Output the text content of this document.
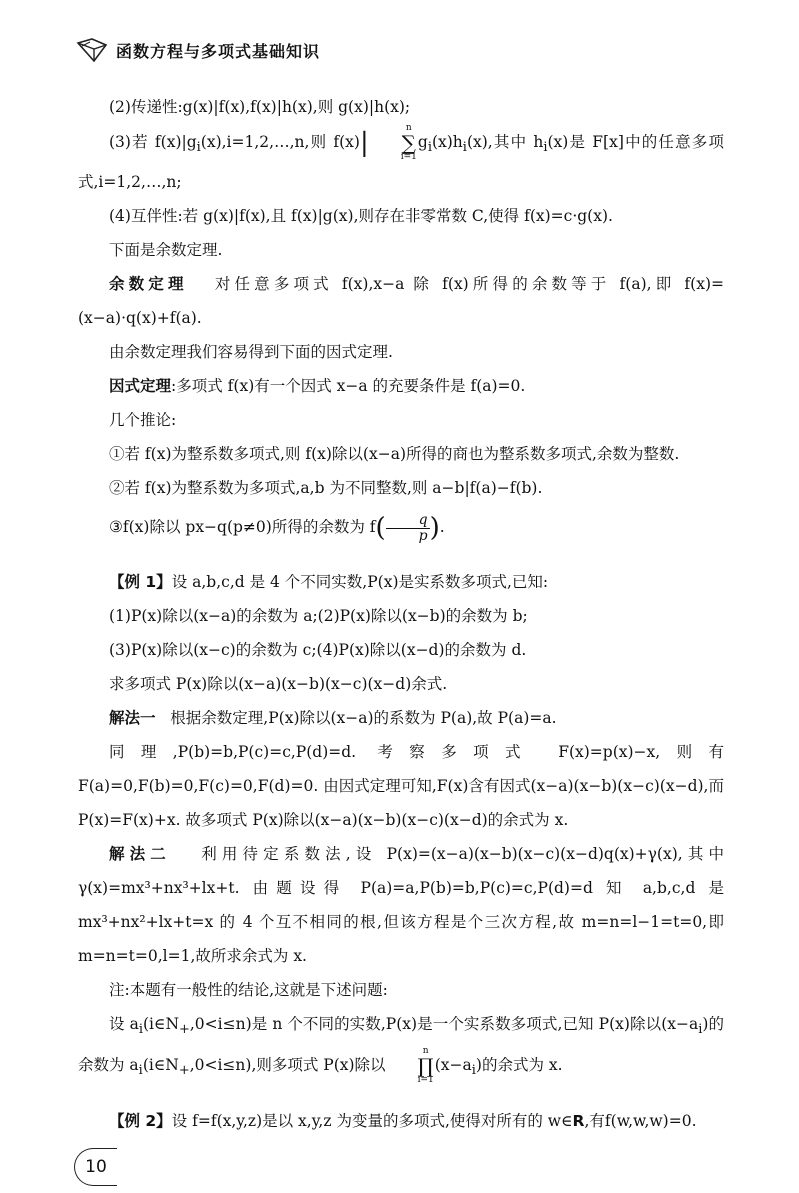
函数方程与多项式基础知识

(2)传递性:g(x)|f(x),f(x)|h(x),则 g(x)|h(x);

(3)若 $f(x)|g_i(x),i=1,2,\dots,n$,则 f(x)|	n
∑
i=1
$g_i(x)h_i(x)$,其中 $h_i(x)$是 F[x]中的任意多项式,i=1,2,…,n;

(4)互伴性:若 g(x)|f(x),且 f(x)|g(x),则存在非零常数 C,使得 f(x)=c·g(x).

下面是余数定理.

余数定理 对任意多项式 f(x),x−a 除 f(x)所得的余数等于 f(a),即 f(x)=(x−a)·q(x)+f(a).

由余数定理我们容易得到下面的因式定理.

因式定理:多项式 f(x)有一个因式 x−a 的充要条件是 f(a)=0.

几个推论:

①若 f(x)为整系数多项式,则 f(x)除以(x−a)所得的商也为整系数多项式,余数为整数.

②若 f(x)为整系数为多项式,a,b 为不同整数,则 a−b|f(a)−f(b).

③f(x)除以 px−q(p≠0)所得的余数为 $f( \frac{q}{p}$ ).

【例 1】设 a,b,c,d 是 4 个不同实数,P(x)是实系数多项式,已知:

(1)P(x)除以(x−a)的余数为 a;(2)P(x)除以(x−b)的余数为 b;

(3)P(x)除以(x−c)的余数为 c;(4)P(x)除以(x−d)的余数为 d.

求多项式 P(x)除以(x−a)(x−b)(x−c)(x−d)余式.

解法一 根据余数定理,P(x)除以(x−a)的系数为 P(a),故 P(a)=a.

同理,P(b)=b,P(c)=c,P(d)=d. 考察多项式 F(x)=p(x)−x,则有 F(a)=0,F(b)=0,F(c)=0,F(d)=0. 由因式定理可知,F(x)含有因式(x−a)(x−b)(x−c)(x−d),而 P(x)=F(x)+x. 故多项式 P(x)除以(x−a)(x−b)(x−c)(x−d)的余式为 x.

解法二 利用待定系数法,设 P(x)=(x−a)(x−b)(x−c)(x−d)q(x)+γ(x),其中 γ(x)=mx³+nx³+lx+t. 由题设得 P(a)=a,P(b)=b,P(c)=c,P(d)=d 知 a,b,c,d 是 mx³+nx²+lx+t=x 的 4 个互不相同的根,但该方程是个三次方程,故 m=n=l−1=t=0,即 m=n=t=0,l=1,故所求余式为 x.

注:本题有一般性的结论,这就是下述问题:

设 $a_i(i\in N_+,0<i\le n)$是 n 个不同的实数,P(x)是一个实系数多项式,已知 P(x)除以$(x-a_i)$的余数为 $a_i(i\in N_+,0<i\le n)$,则多项式 P(x)除以
n
∏
i=1
$(x-a_i)$的余式为 x.

【例 2】设 f=f(x,y,z)是以 x,y,z 为变量的多项式,使得对所有的 w∈R,有f(w,w,w)=0.

10
